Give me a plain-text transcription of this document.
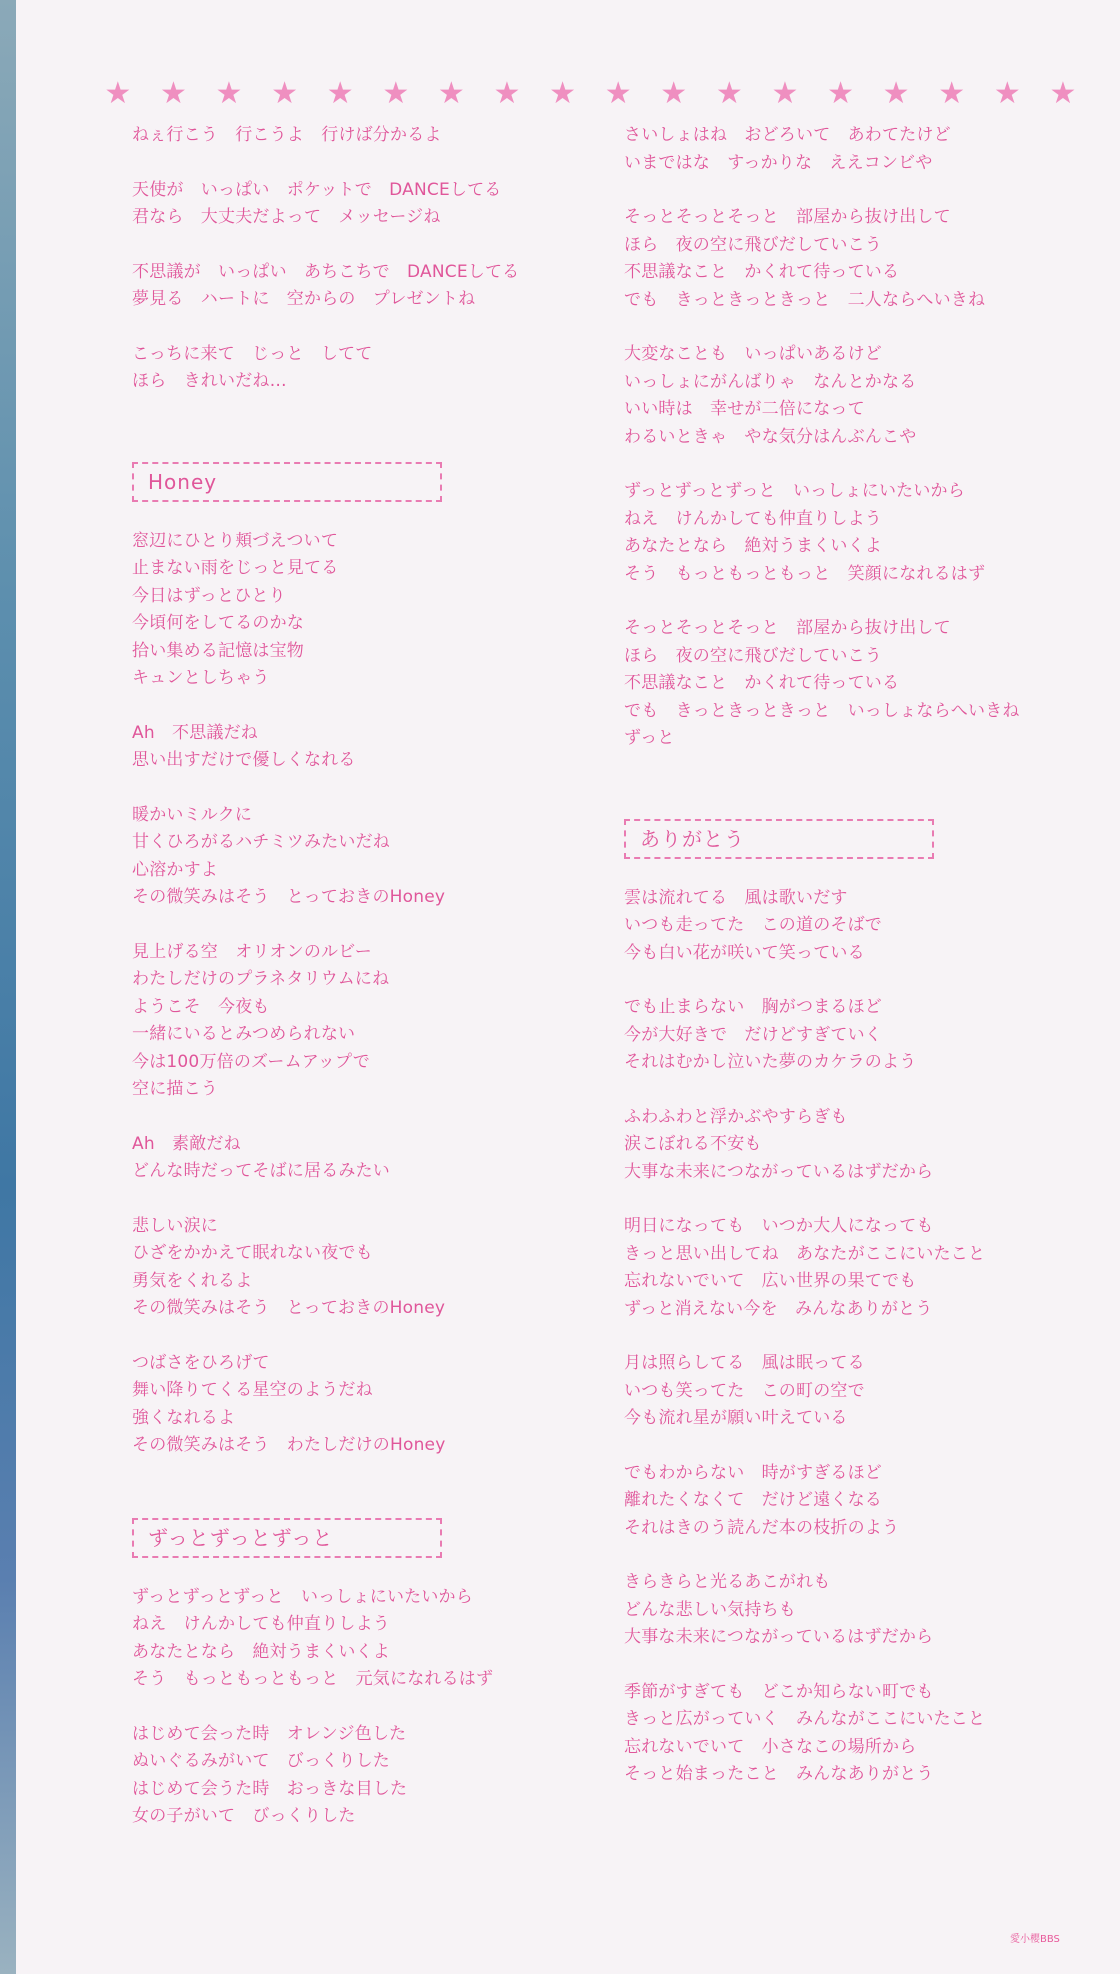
★ ★ ★ ★ ★ ★ ★ ★ ★ ★ ★ ★ ★ ★ ★ ★ ★ ★
ねぇ行こう　行こうよ　行けば分かるよ
天使が　いっぱい　ポケットで　DANCEしてる
君なら　大丈夫だよって　メッセージね
不思議が　いっぱい　あちこちで　DANCEしてる
夢見る　ハートに　空からの　プレゼントね
こっちに来て　じっと　してて
ほら　きれいだね…
Honey
窓辺にひとり頬づえついて
止まない雨をじっと見てる
今日はずっとひとり
今頃何をしてるのかな
拾い集める記憶は宝物
キュンとしちゃう
Ah　不思議だね
思い出すだけで優しくなれる
暖かいミルクに
甘くひろがるハチミツみたいだね
心溶かすよ
その微笑みはそう　とっておきのHoney
見上げる空　オリオンのルビー
わたしだけのプラネタリウムにね
ようこそ　今夜も
一緒にいるとみつめられない
今は100万倍のズームアップで
空に描こう
Ah　素敵だね
どんな時だってそばに居るみたい
悲しい涙に
ひざをかかえて眠れない夜でも
勇気をくれるよ
その微笑みはそう　とっておきのHoney
つばさをひろげて
舞い降りてくる星空のようだね
強くなれるよ
その微笑みはそう　わたしだけのHoney
ずっとずっとずっと
ずっとずっとずっと　いっしょにいたいから
ねえ　けんかしても仲直りしよう
あなたとなら　絶対うまくいくよ
そう　もっともっともっと　元気になれるはず
はじめて会った時　オレンジ色した
ぬいぐるみがいて　びっくりした
はじめて会うた時　おっきな目した
女の子がいて　びっくりした
さいしょはね　おどろいて　あわてたけど
いまではな　すっかりな　ええコンビや
そっとそっとそっと　部屋から抜け出して
ほら　夜の空に飛びだしていこう
不思議なこと　かくれて待っている
でも　きっときっときっと　二人ならへいきね
大変なことも　いっぱいあるけど
いっしょにがんばりゃ　なんとかなる
いい時は　幸せが二倍になって
わるいときゃ　やな気分はんぶんこや
ずっとずっとずっと　いっしょにいたいから
ねえ　けんかしても仲直りしよう
あなたとなら　絶対うまくいくよ
そう　もっともっともっと　笑顔になれるはず
そっとそっとそっと　部屋から抜け出して
ほら　夜の空に飛びだしていこう
不思議なこと　かくれて待っている
でも　きっときっときっと　いっしょならへいきね
ずっと
ありがとう
雲は流れてる　風は歌いだす
いつも走ってた　この道のそばで
今も白い花が咲いて笑っている
でも止まらない　胸がつまるほど
今が大好きで　だけどすぎていく
それはむかし泣いた夢のカケラのよう
ふわふわと浮かぶやすらぎも
涙こぼれる不安も
大事な未来につながっているはずだから
明日になっても　いつか大人になっても
きっと思い出してね　あなたがここにいたこと
忘れないでいて　広い世界の果てでも
ずっと消えない今を　みんなありがとう
月は照らしてる　風は眠ってる
いつも笑ってた　この町の空で
今も流れ星が願い叶えている
でもわからない　時がすぎるほど
離れたくなくて　だけど遠くなる
それはきのう読んだ本の枝折のよう
きらきらと光るあこがれも
どんな悲しい気持ちも
大事な未来につながっているはずだから
季節がすぎても　どこか知らない町でも
きっと広がっていく　みんながここにいたこと
忘れないでいて　小さなこの場所から
そっと始まったこと　みんなありがとう
愛小櫻BBS
